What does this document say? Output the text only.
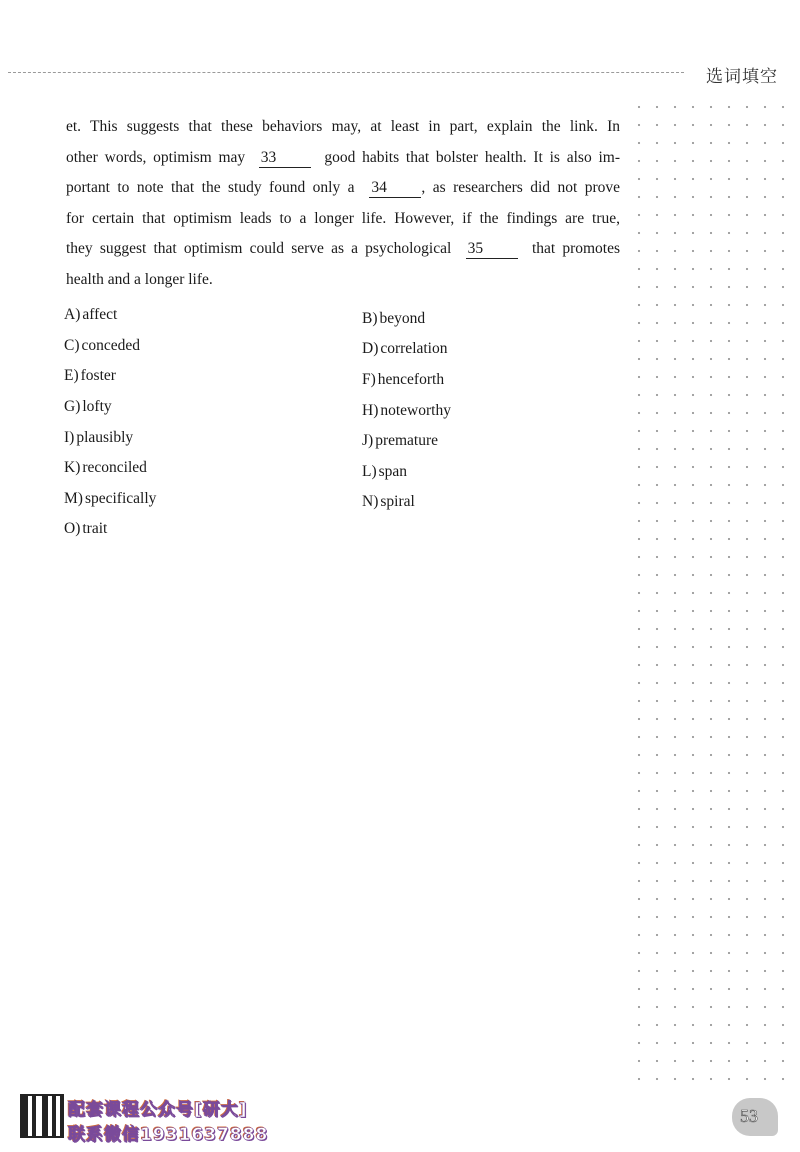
选词填空
et. This suggests that these behaviors may, at least in part, explain the link. In
other words, optimism may 33	good habits that bolster health. It is also im-
portant to note that the study found only a 34 , as researchers did not prove
for certain that optimism leads to a longer life. However, if the findings are true,
they suggest that optimism could serve as a psychological 35	that promotes
health and a longer life.
A) affect	B) beyond
C) conceded	D) correlation
E) foster	F) henceforth
G) lofty	H) noteworthy
I) plausibly	J) premature
K) reconciled	L) span
M) specifically	N) spiral
O) trait
配套课程公众号[研大]
联系微信1931637888
53
